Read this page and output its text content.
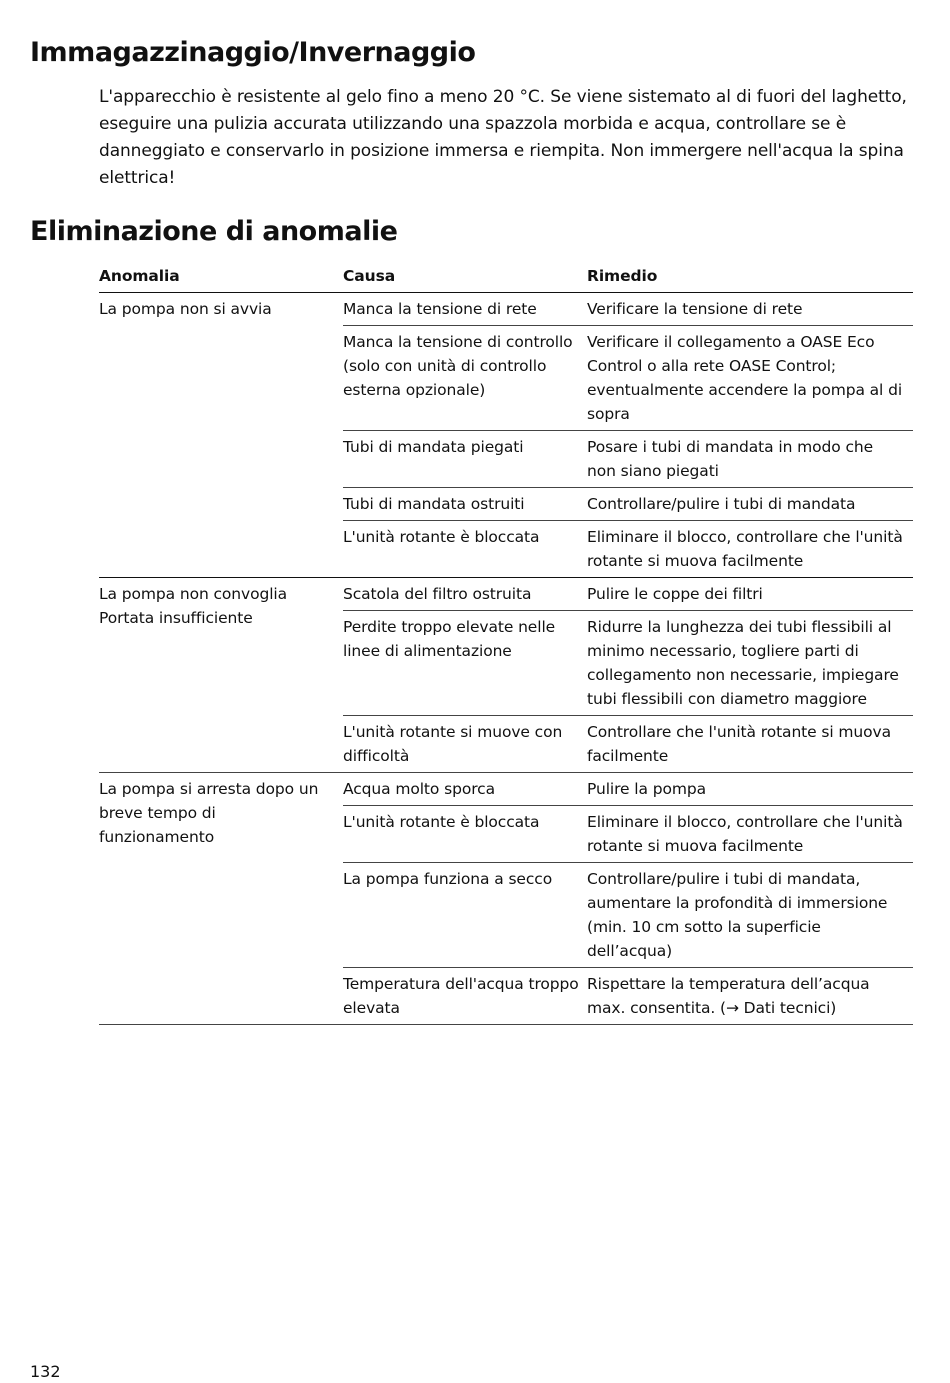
Immagazzinaggio/Invernaggio

L'apparecchio è resistente al gelo fino a meno 20 °C. Se viene sistemato al di fuori del laghetto, eseguire una pulizia accurata utilizzando una spazzola morbida e acqua, controllare se è danneggiato e conservarlo in posizione immersa e riempita. Non immergere nell'acqua la spina elettrica!

Eliminazione di anomalie
Anomalia	Causa	Rimedio
La pompa non si avvia	Manca la tensione di rete	Verificare la tensione di rete
	Manca la tensione di controllo (solo con unità di controllo esterna opzionale)	Verificare il collegamento a OASE Eco Control o alla rete OASE Control; eventualmente accendere la pompa al di sopra
	Tubi di mandata piegati	Posare i tubi di mandata in modo che non siano piegati
	Tubi di mandata ostruiti	Controllare/pulire i tubi di mandata
	L'unità rotante è bloccata	Eliminare il blocco, controllare che l'unità rotante si muova facilmente
La pompa non convoglia Portata insufficiente	Scatola del filtro ostruita	Pulire le coppe dei filtri
	Perdite troppo elevate nelle linee di alimentazione	Ridurre la lunghezza dei tubi flessibili al minimo necessario, togliere parti di collegamento non necessarie, impiegare tubi flessibili con diametro maggiore
	L'unità rotante si muove con difficoltà	Controllare che l'unità rotante si muova facilmente
La pompa si arresta dopo un breve tempo di funzionamento	Acqua molto sporca	Pulire la pompa
	L'unità rotante è bloccata	Eliminare il blocco, controllare che l'unità rotante si muova facilmente
	La pompa funziona a secco	Controllare/pulire i tubi di mandata, aumentare la profondità di immersione (min. 10 cm sotto la superficie dell’acqua)
	Temperatura dell'acqua troppo elevata	Rispettare la temperatura dell’acqua max. consentita. (→ Dati tecnici)
132
